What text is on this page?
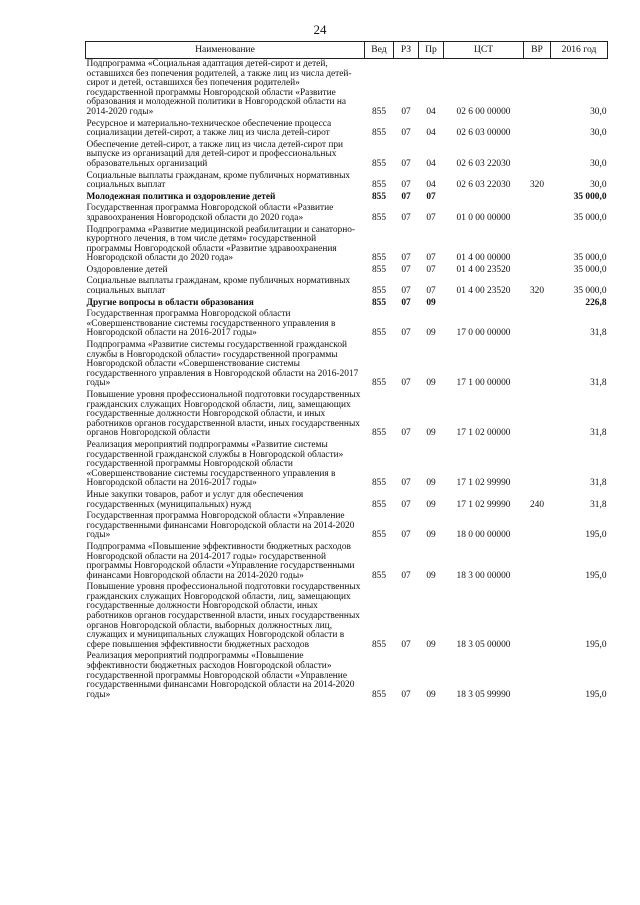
24
Наименование	Вед	РЗ	Пр	ЦСТ	ВР	2016 год
Подпрограмма «Социальная адаптация детей-сирот и детей, оставшихся без попечения родителей, а также лиц из числа детей-сирот и детей, оставшихся без попечения родителей» государственной программы Новгородской области «Развитие образования и молодежной политики в Новгородской области на 2014-2020 годы»	855	07	04	02 6 00 00000		30,0
Ресурсное и материально-техническое обеспечение процесса социализации детей-сирот, а также лиц из числа детей-сирот	855	07	04	02 6 03 00000		30,0
Обеспечение детей-сирот, а также лиц из числа детей-сирот при выпуске из организаций для детей-сирот и профессиональных образовательных организаций	855	07	04	02 6 03 22030		30,0
Социальные выплаты гражданам, кроме публичных нормативных социальных выплат	855	07	04	02 6 03 22030	320	30,0
Молодежная политика и оздоровление детей	855	07	07			35 000,0
Государственная программа Новгородской области «Развитие здравоохранения Новгородской области до 2020 года»	855	07	07	01 0 00 00000		35 000,0
Подпрограмма «Развитие медицинской реабилитации и санаторно-курортного лечения, в том числе детям» государственной программы Новгородской области «Развитие здравоохранения Новгородской области до 2020 года»	855	07	07	01 4 00 00000		35 000,0
Оздоровление детей	855	07	07	01 4 00 23520		35 000,0
Социальные выплаты гражданам, кроме публичных нормативных социальных выплат	855	07	07	01 4 00 23520	320	35 000,0
Другие вопросы в области образования	855	07	09			226,8
Государственная программа Новгородской области «Совершенствование системы государственного управления в Новгородской области на 2016-2017 годы»	855	07	09	17 0 00 00000		31,8
Подпрограмма «Развитие системы государственной гражданской службы в Новгородской области» государственной программы Новгородской области «Совершенствование системы государственного управления в Новгородской области на 2016-2017 годы»	855	07	09	17 1 00 00000		31,8
Повышение уровня профессиональной подготовки государственных гражданских служащих Новгородской области, лиц, замещающих государственные должности Новгородской области, и иных работников органов государственной власти, иных государственных органов Новгородской области	855	07	09	17 1 02 00000		31,8
Реализация мероприятий подпрограммы «Развитие системы государственной гражданской службы в Новгородской области» государственной программы Новгородской области «Совершенствование системы государственного управления в Новгородской области на 2016-2017 годы»	855	07	09	17 1 02 99990		31,8
Иные закупки товаров, работ и услуг для обеспечения государственных (муниципальных) нужд	855	07	09	17 1 02 99990	240	31,8
Государственная программа Новгородской области «Управление государственными финансами Новгородской области на 2014-2020 годы»	855	07	09	18 0 00 00000		195,0
Подпрограмма «Повышение эффективности бюджетных расходов Новгородской области на 2014-2017 годы» государственной программы Новгородской области «Управление государственными финансами Новгородской области на 2014-2020 годы»	855	07	09	18 3 00 00000		195,0
Повышение уровня профессиональной подготовки государственных гражданских служащих Новгородской области, лиц, замещающих государственные должности Новгородской области, иных работников органов государственной власти, иных государственных органов Новгородской области, выборных должностных лиц, служащих и муниципальных служащих Новгородской области в сфере повышения эффективности бюджетных расходов	855	07	09	18 3 05 00000		195,0
Реализация мероприятий подпрограммы «Повышение эффективности бюджетных расходов Новгородской области» государственной программы Новгородской области «Управление государственными финансами Новгородской области на 2014-2020 годы»	855	07	09	18 3 05 99990		195,0
